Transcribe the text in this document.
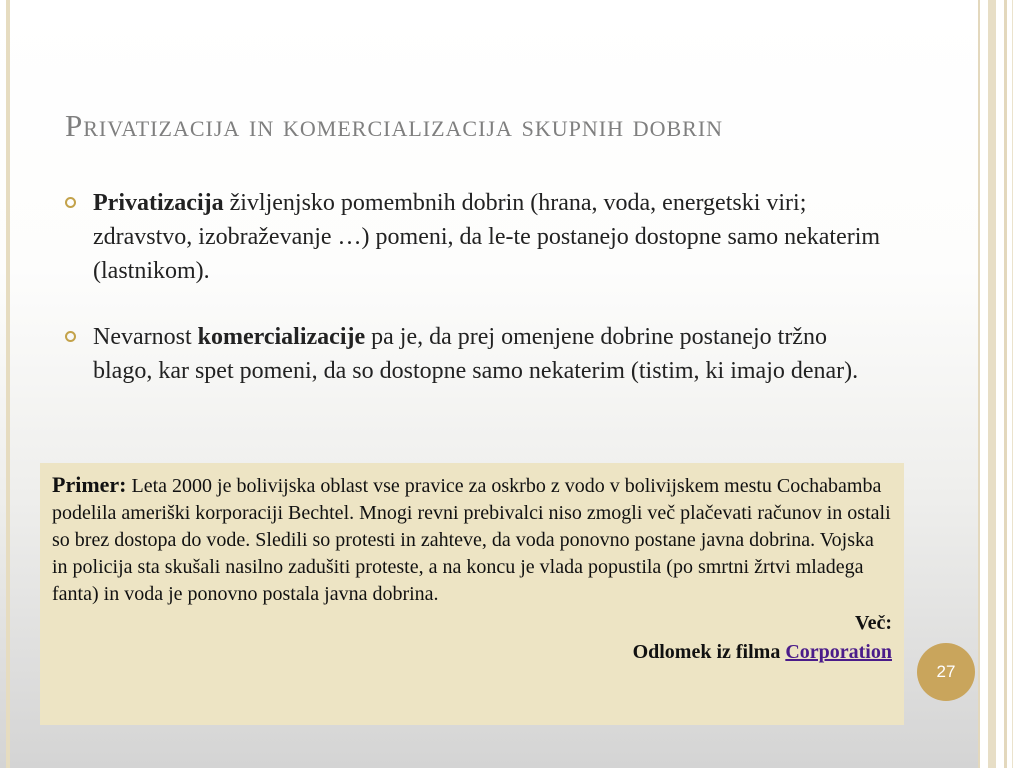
Privatizacija in komercializacija skupnih dobrin
Privatizacija življenjsko pomembnih dobrin (hrana, voda, energetski viri; zdravstvo, izobraževanje …) pomeni, da le-te postanejo dostopne samo nekaterim (lastnikom).
Nevarnost komercializacije pa je, da prej omenjene dobrine postanejo tržno blago, kar spet pomeni, da so dostopne samo nekaterim (tistim, ki imajo denar).

Primer: Leta 2000 je bolivijska oblast vse pravice za oskrbo z vodo v bolivijskem mestu Cochabamba podelila ameriški korporaciji Bechtel. Mnogi revni prebivalci niso zmogli več plačevati računov in ostali so brez dostopa do vode. Sledili so protesti in zahteve, da voda ponovno postane javna dobrina. Vojska in policija sta skušali nasilno zadušiti proteste, a na koncu je vlada popustila (po smrtni žrtvi mladega fanta) in voda je ponovno postala javna dobrina.

Več:
Odlomek iz filma Corporation
27
